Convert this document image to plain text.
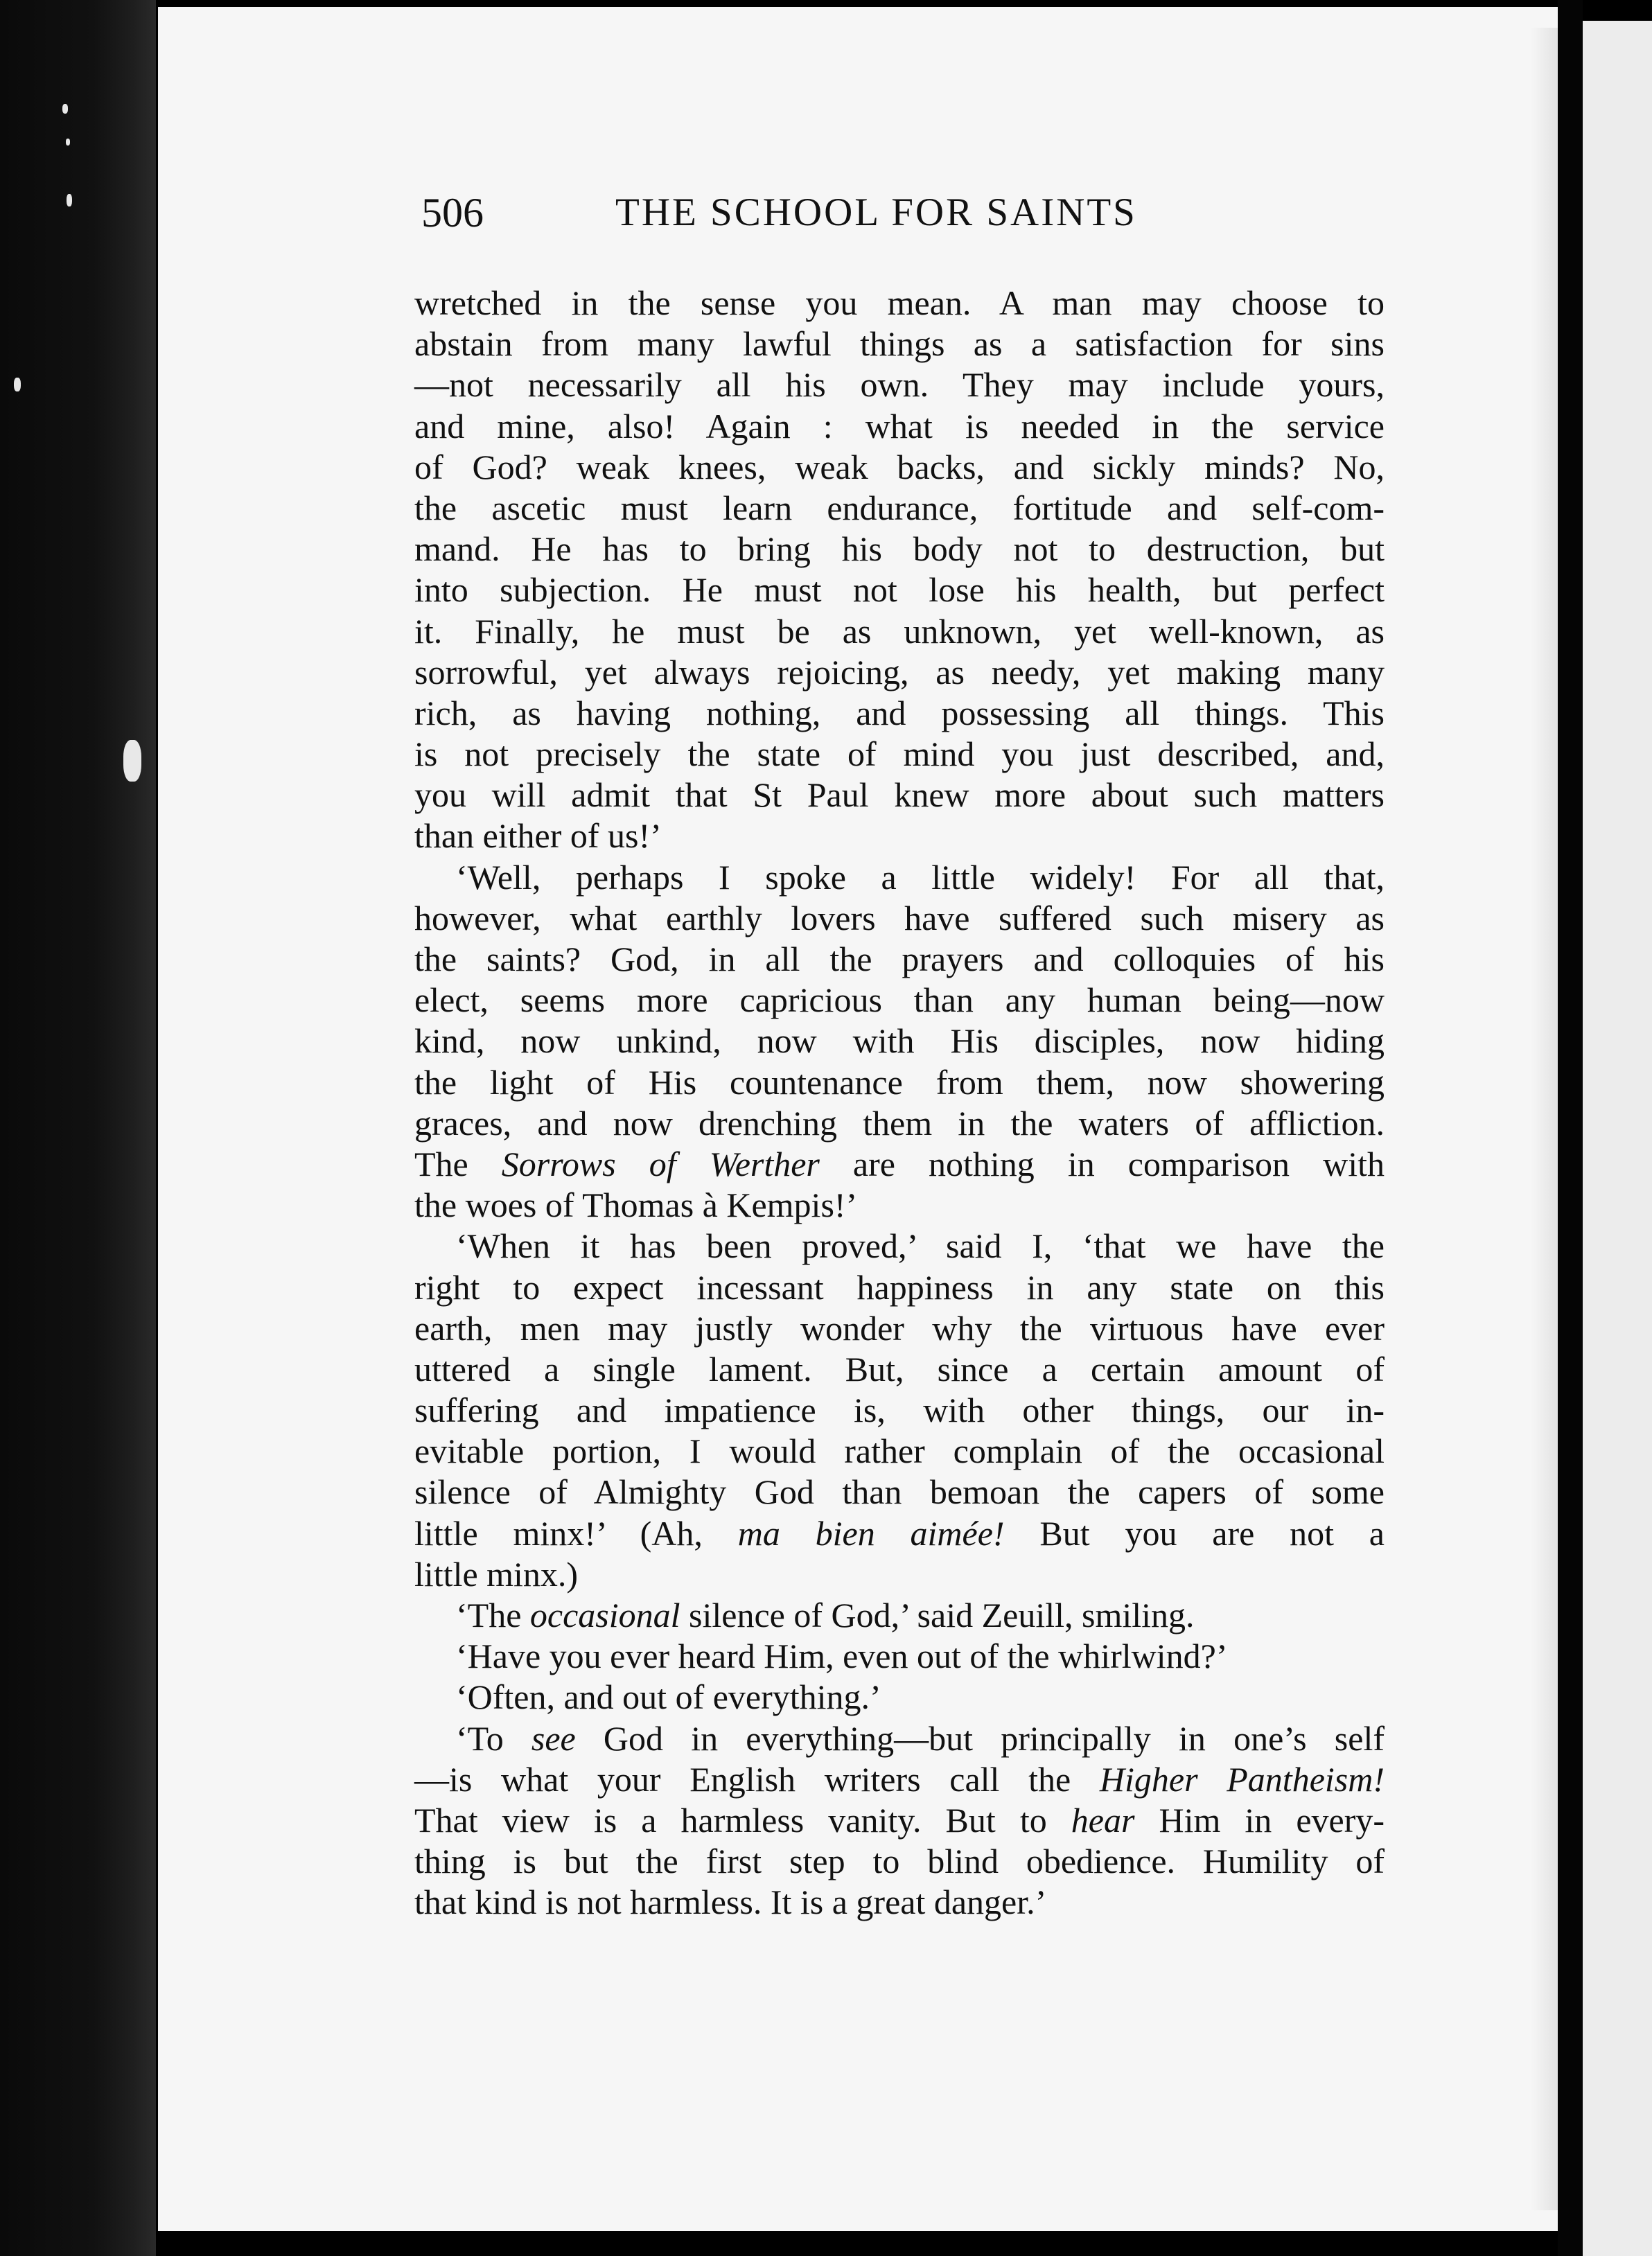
506	THE SCHOOL FOR SAINTS
wretched in the sense you mean. A man may choose to
abstain from many lawful things as a satisfaction for sins
—not necessarily all his own. They may include yours,
and mine, also! Again : what is needed in the service
of God? weak knees, weak backs, and sickly minds? No,
the ascetic must learn endurance, fortitude and self-com-
mand. He has to bring his body not to destruction, but
into subjection. He must not lose his health, but perfect
it. Finally, he must be as unknown, yet well-known, as
sorrowful, yet always rejoicing, as needy, yet making many
rich, as having nothing, and possessing all things. This
is not precisely the state of mind you just described, and,
you will admit that St Paul knew more about such matters
than either of us!’
‘Well, perhaps I spoke a little widely! For all that,
however, what earthly lovers have suffered such misery as
the saints? God, in all the prayers and colloquies of his
elect, seems more capricious than any human being—now
kind, now unkind, now with His disciples, now hiding
the light of His countenance from them, now showering
graces, and now drenching them in the waters of affliction.
The Sorrows of Werther are nothing in comparison with
the woes of Thomas à Kempis!’
‘When it has been proved,’ said I, ‘that we have the
right to expect incessant happiness in any state on this
earth, men may justly wonder why the virtuous have ever
uttered a single lament. But, since a certain amount of
suffering and impatience is, with other things, our in-
evitable portion, I would rather complain of the occasional
silence of Almighty God than bemoan the capers of some
little minx!’ (Ah, ma bien aimée! But you are not a
little minx.)
‘The occasional silence of God,’ said Zeuill, smiling.
‘Have you ever heard Him, even out of the whirlwind?’
‘Often, and out of everything.’
‘To see God in everything—but principally in one’s self
—is what your English writers call the Higher Pantheism!
That view is a harmless vanity. But to hear Him in every-
thing is but the first step to blind obedience. Humility of
that kind is not harmless. It is a great danger.’
